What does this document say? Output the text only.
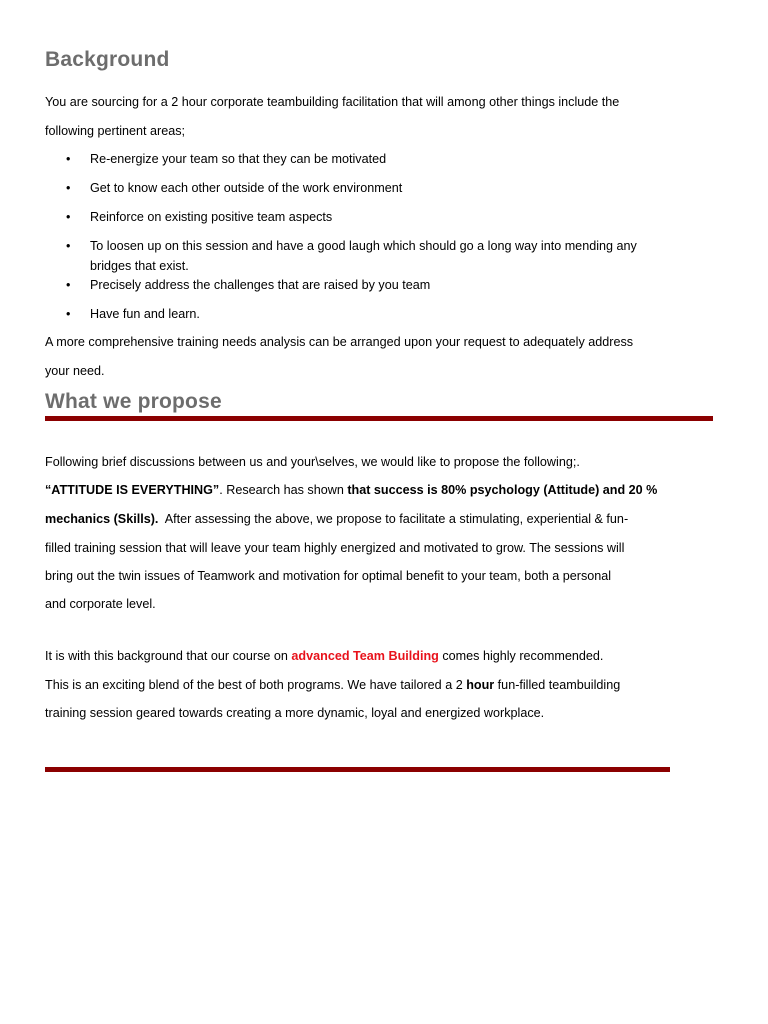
Background

You are sourcing for a 2 hour corporate teambuilding facilitation that will among other things include the

following pertinent areas;

•	Re-energize your team so that they can be motivated
•	Get to know each other outside of the work environment
•	Reinforce on existing positive team aspects
•	To loosen up on this session and have a good laugh which should go a long way into mending any
bridges that exist.
•	Precisely address the challenges that are raised by you team
•	Have fun and learn.

A more comprehensive training needs analysis can be arranged upon your request to adequately address

your need.

What we propose

Following brief discussions between us and your\selves, we would like to propose the following;.

“ATTITUDE IS EVERYTHING”. Research has shown that success is 80% psychology (Attitude) and 20 %

mechanics (Skills).  After assessing the above, we propose to facilitate a stimulating, experiential & fun-

filled training session that will leave your team highly energized and motivated to grow. The sessions will

bring out the twin issues of Teamwork and motivation for optimal benefit to your team, both a personal

and corporate level.

It is with this background that our course on advanced Team Building comes highly recommended.

This is an exciting blend of the best of both programs. We have tailored a 2 hour fun-filled teambuilding

training session geared towards creating a more dynamic, loyal and energized workplace.
